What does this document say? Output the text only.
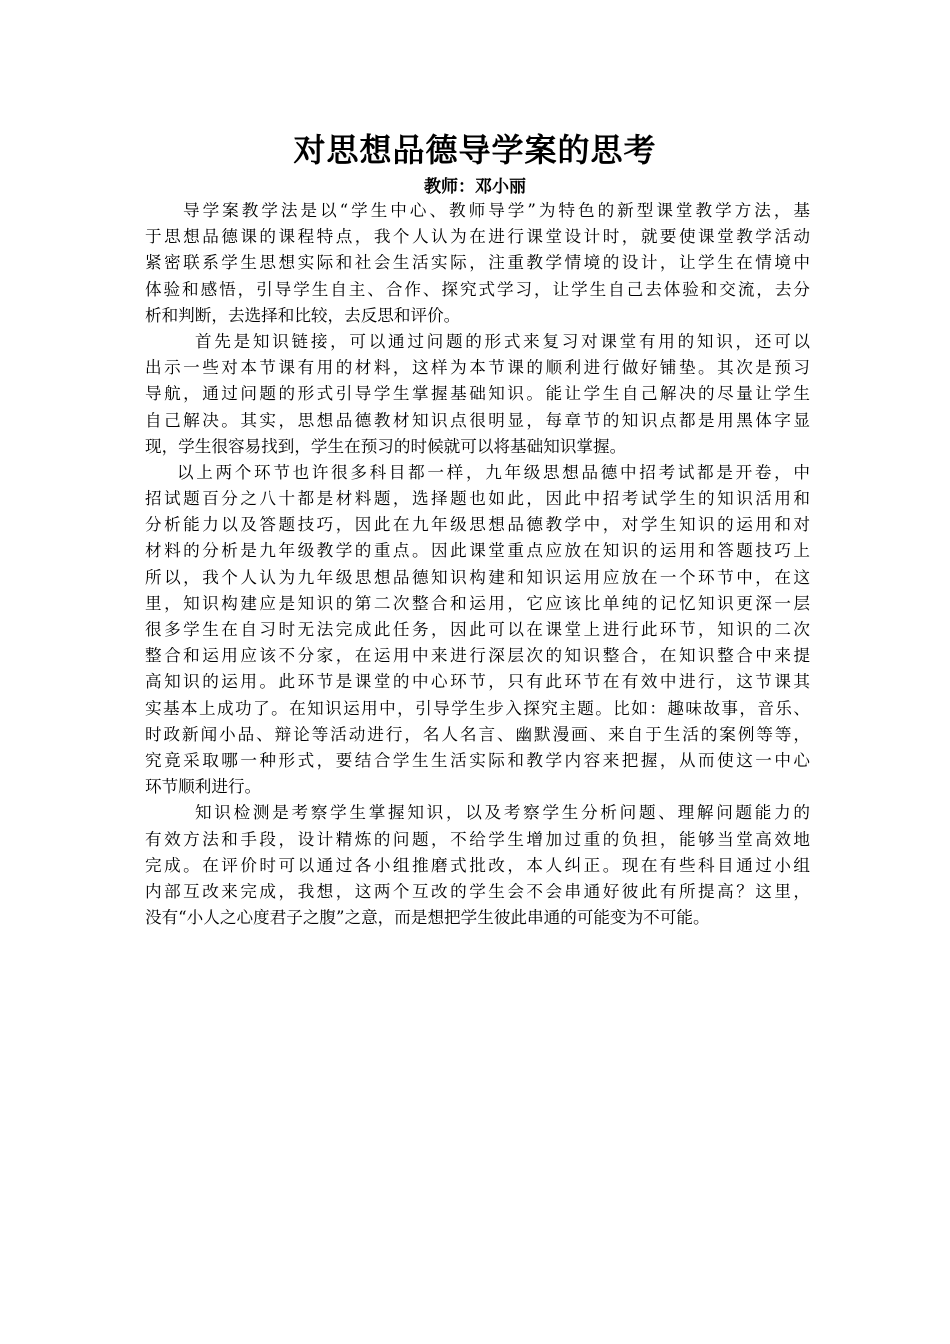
对思想品德导学案的思考
教师：邓小丽

导学案教学法是以“学生中心、教师导学”为特色的新型课堂教学方法，基
于思想品德课的课程特点，我个人认为在进行课堂设计时，就要使课堂教学活动
紧密联系学生思想实际和社会生活实际，注重教学情境的设计，让学生在情境中
体验和感悟，引导学生自主、合作、探究式学习，让学生自己去体验和交流，去分
析和判断，去选择和比较，去反思和评价。

首先是知识链接，可以通过问题的形式来复习对课堂有用的知识，还可以
出示一些对本节课有用的材料，这样为本节课的顺利进行做好铺垫。其次是预习
导航，通过问题的形式引导学生掌握基础知识。能让学生自己解决的尽量让学生
自己解决。其实，思想品德教材知识点很明显，每章节的知识点都是用黑体字显
现，学生很容易找到，学生在预习的时候就可以将基础知识掌握。

以上两个环节也许很多科目都一样，九年级思想品德中招考试都是开卷，中
招试题百分之八十都是材料题，选择题也如此，因此中招考试学生的知识活用和
分析能力以及答题技巧，因此在九年级思想品德教学中，对学生知识的运用和对
材料的分析是九年级教学的重点。因此课堂重点应放在知识的运用和答题技巧上
所以，我个人认为九年级思想品德知识构建和知识运用应放在一个环节中，在这
里，知识构建应是知识的第二次整合和运用，它应该比单纯的记忆知识更深一层
很多学生在自习时无法完成此任务，因此可以在课堂上进行此环节，知识的二次
整合和运用应该不分家，在运用中来进行深层次的知识整合，在知识整合中来提
高知识的运用。此环节是课堂的中心环节，只有此环节在有效中进行，这节课其
实基本上成功了。在知识运用中，引导学生步入探究主题。比如：趣味故事，音乐、
时政新闻小品、辩论等活动进行，名人名言、幽默漫画、来自于生活的案例等等，
究竟采取哪一种形式，要结合学生生活实际和教学内容来把握，从而使这一中心
环节顺利进行。

知识检测是考察学生掌握知识，以及考察学生分析问题、理解问题能力的
有效方法和手段，设计精炼的问题，不给学生增加过重的负担，能够当堂高效地
完成。在评价时可以通过各小组推磨式批改，本人纠正。现在有些科目通过小组
内部互改来完成，我想，这两个互改的学生会不会串通好彼此有所提高？这里，
没有“小人之心度君子之腹”之意，而是想把学生彼此串通的可能变为不可能。
